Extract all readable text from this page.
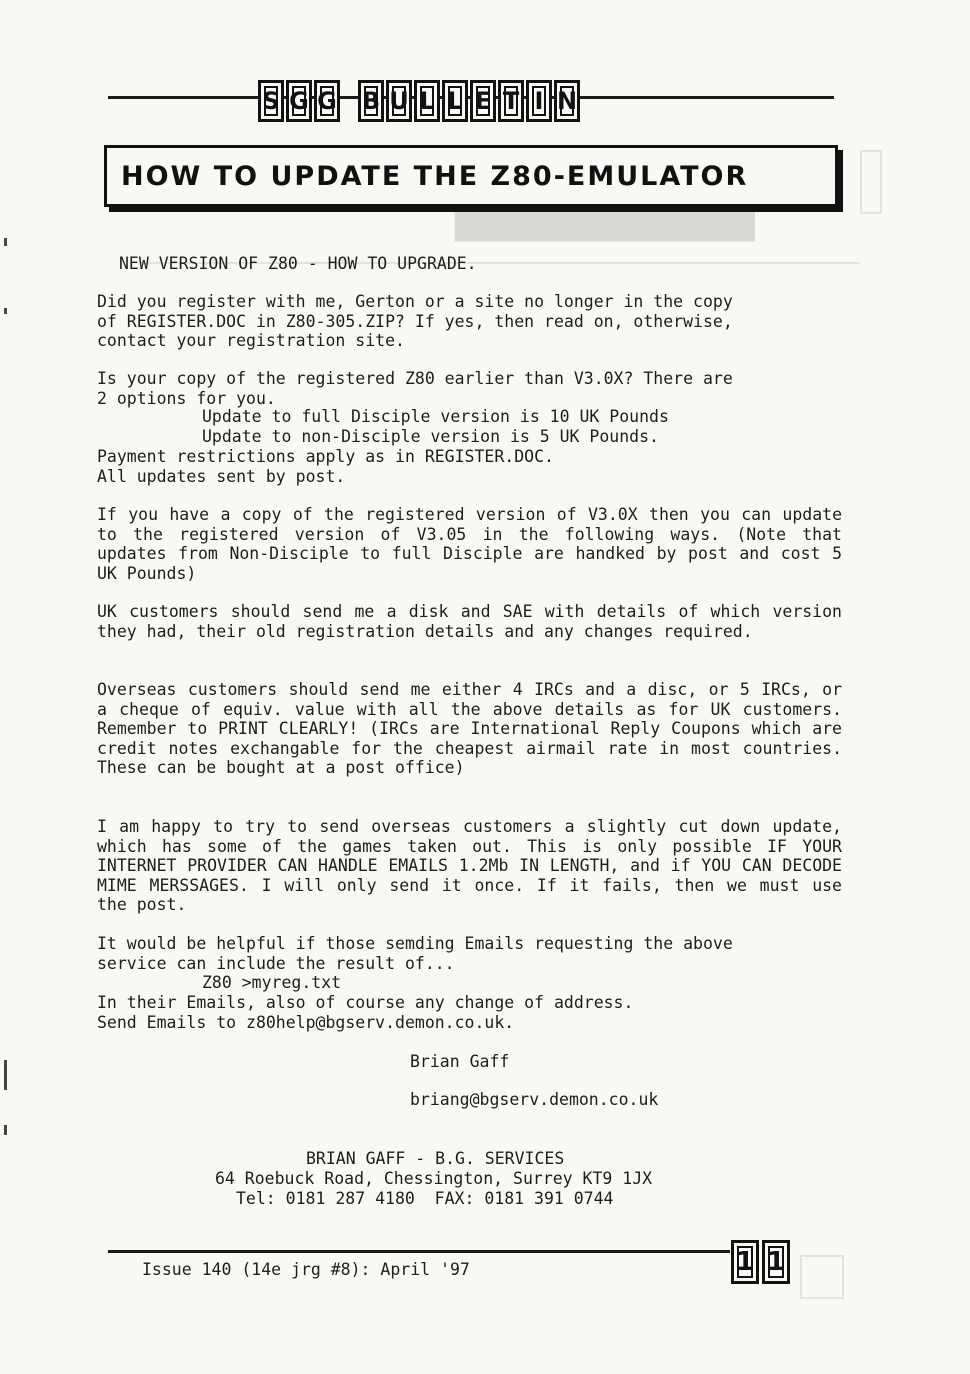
███████████████
S G G B U L L E T I N
HOW TO UPDATE THE Z80-EMULATOR
NEW VERSION OF Z80 - HOW TO UPGRADE.
Did you register with me, Gerton or a site no longer in the copy
of REGISTER.DOC in Z80-305.ZIP? If yes, then read on, otherwise,
contact your registration site.
Is your copy of the registered Z80 earlier than V3.0X? There are
2 options for you.
Update to full Disciple version is 10 UK Pounds
Update to non-Disciple version is 5 UK Pounds.
Payment restrictions apply as in REGISTER.DOC.
All updates sent by post.
If you have a copy of the registered version of V3.0X then you can update to the registered version of V3.05 in the following ways. (Note that updates from Non-Disciple to full Disciple are handked by post and cost 5 UK Pounds)
UK customers should send me a disk and SAE with details of which version they had, their old registration details and any changes required.
Overseas customers should send me either 4 IRCs and a disc, or 5 IRCs, or a cheque of equiv. value with all the above details as for UK customers. Remember to PRINT CLEARLY! (IRCs are International Reply Coupons which are credit notes exchangable for the cheapest airmail rate in most countries. These can be bought at a post office)
I am happy to try to send overseas customers a slightly cut down update, which has some of the games taken out. This is only possible IF YOUR INTERNET PROVIDER CAN HANDLE EMAILS 1.2Mb IN LENGTH, and if YOU CAN DECODE MIME MERSSAGES. I will only send it once. If it fails, then we must use the post.
It would be helpful if those semding Emails requesting the above
service can include the result of...
Z80 >myreg.txt
In their Emails, also of course any change of address.
Send Emails to z80help@bgserv.demon.co.uk.
Brian Gaff
briang@bgserv.demon.co.uk
BRIAN GAFF - B.G. SERVICES
64 Roebuck Road, Chessington, Surrey KT9 1JX
Tel: 0181 287 4180  FAX: 0181 391 0744
Issue 140 (14e jrg #8): April '97	1 1
